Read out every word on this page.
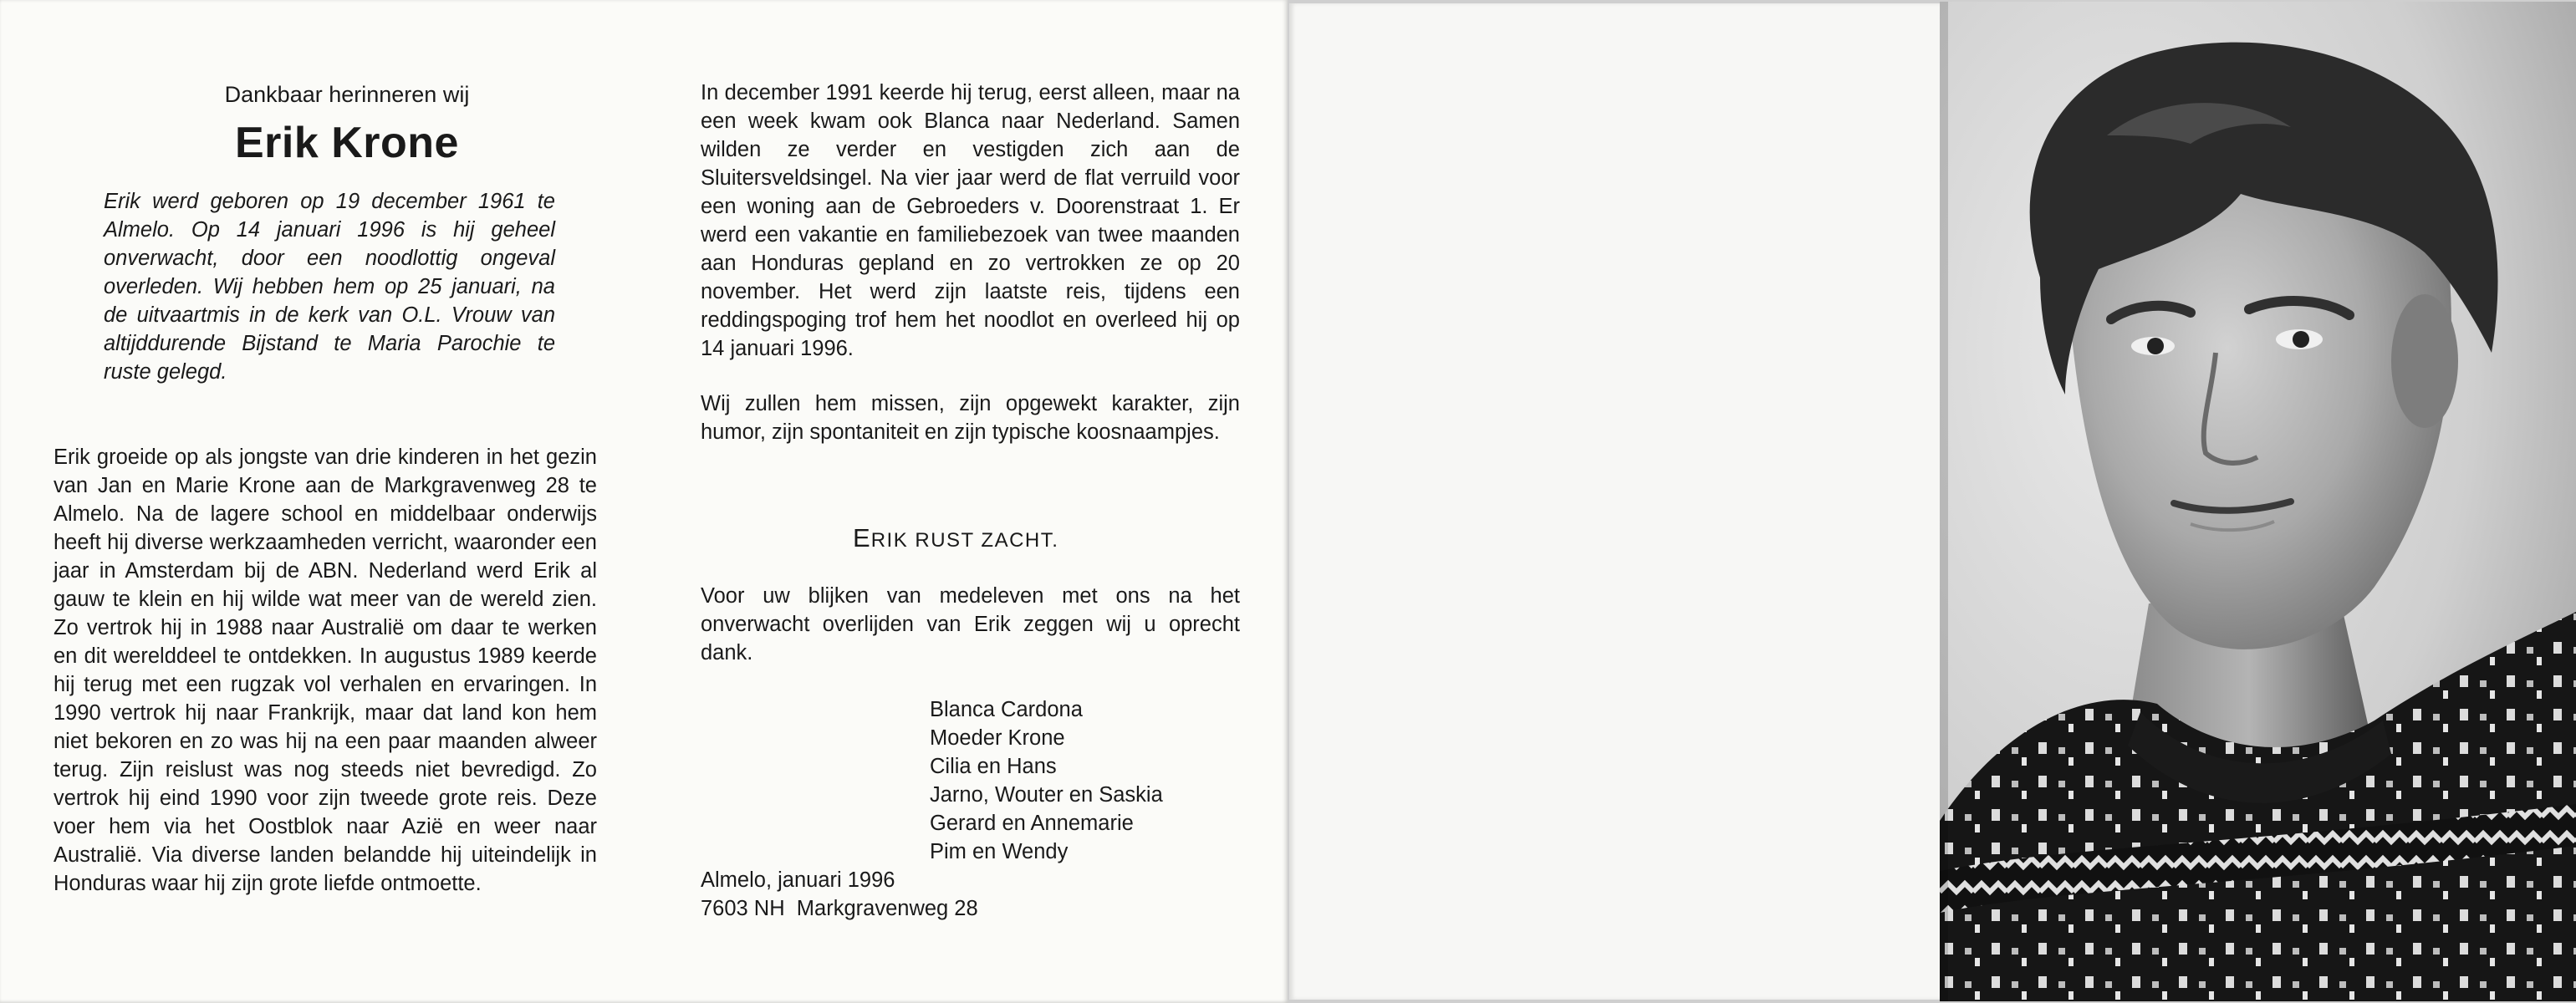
Dankbaar herinneren wij
Erik Krone

Erik werd geboren op 19 december 1961 te Almelo. Op 14 januari 1996 is hij geheel onverwacht, door een noodlottig ongeval overleden. Wij hebben hem op 25 januari, na de uitvaartmis in de kerk van O.L. Vrouw van altijddurende Bijstand te Maria Parochie te ruste gelegd.

Erik groeide op als jongste van drie kinderen in het gezin van Jan en Marie Krone aan de Markgravenweg 28 te Almelo. Na de lagere school en middelbaar onderwijs heeft hij diverse werkzaamheden verricht, waaronder een jaar in Amsterdam bij de ABN. Nederland werd Erik al gauw te klein en hij wilde wat meer van de wereld zien. Zo vertrok hij in 1988 naar Australië om daar te werken en dit werelddeel te ontdekken. In augustus 1989 keerde hij terug met een rugzak vol verhalen en ervaringen. In 1990 vertrok hij naar Frankrijk, maar dat land kon hem niet bekoren en zo was hij na een paar maanden alweer terug. Zijn reislust was nog steeds niet bevredigd. Zo vertrok hij eind 1990 voor zijn tweede grote reis. Deze voer hem via het Oostblok naar Azië en weer naar Australië. Via diverse landen belandde hij uiteindelijk in Honduras waar hij zijn grote liefde ontmoette.

In december 1991 keerde hij terug, eerst alleen, maar na een week kwam ook Blanca naar Nederland. Samen wilden ze verder en vestigden zich aan de Sluitersveldsingel. Na vier jaar werd de flat verruild voor een woning aan de Gebroeders v. Doorenstraat 1. Er werd een vakantie en familiebezoek van twee maanden aan Honduras gepland en zo vertrokken ze op 20 november. Het werd zijn laatste reis, tijdens een reddingspoging trof hem het noodlot en overleed hij op 14 januari 1996.

Wij zullen hem missen, zijn opgewekt karakter, zijn humor, zijn spontaniteit en zijn typische koosnaampjes.

ERIK RUST ZACHT.

Voor uw blijken van medeleven met ons na het onverwacht overlijden van Erik zeggen wij u oprecht dank.

Blanca Cardona
Moeder Krone
Cilia en Hans
Jarno, Wouter en Saskia
Gerard en Annemarie
Pim en Wendy
Almelo, januari 1996
7603 NH  Markgravenweg 28
